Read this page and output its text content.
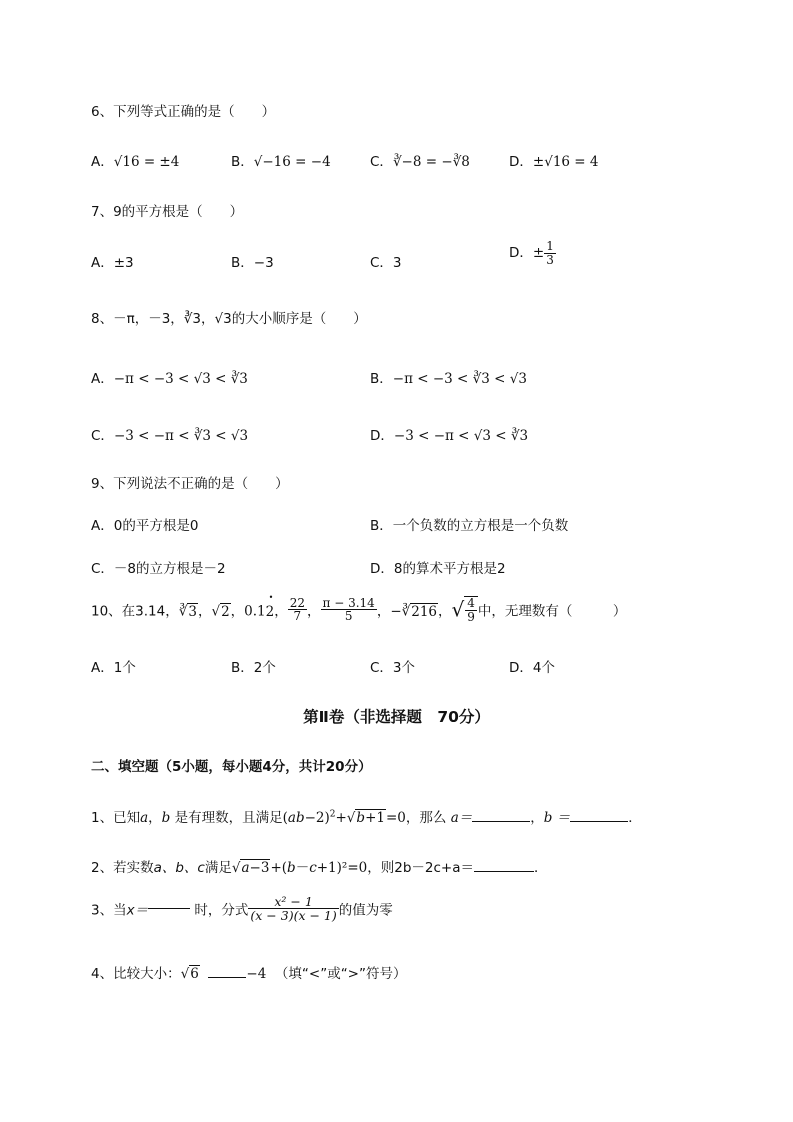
6、下列等式正确的是（　　）
A．√16 = ±4	B．√−16 = −4	C．∛−8 = −∛8	D．±√16 = 4
7、9的平方根是（　　）
A．±3	B．−3	C．3
D．± $\frac{1}{3}$
8、－π，－3，∛3，√3的大小顺序是（　　）
A．−π < −3 < √3 < ∛3	B．−π < −3 < ∛3 < √3
C．−3 < −π < ∛3 < √3	D．−3 < −π < √3 < ∛3
9、下列说法不正确的是（　　）
A．0的平方根是0	B．一个负数的立方根是一个负数
C．－8的立方根是－2	D．8的算术平方根是2
10、在3.14，∛3，√2，0.1• 2， $\frac{22}{7}$ ， $\frac{\pi - 3.14}{5}$ ，−∛216，√ $\frac{4}{9}$ 中，无理数有（　　　）
A．1个	B．2个	C．3个	D．4个
第Ⅱ卷（非选择题　70分）
二、填空题（5小题，每小题4分，共计20分）
1、已知a，b 是有理数，且满足$(ab-2)^2+√b+1=0$，那么 a＝	，b ＝	．
2、若实数a、b、c满足√a−3+(b－c+1)²=0，则2b－2c+a＝	．
3、当x＝	时，分式 $\frac{\text{x² − 1}}{(x - 3)(x - 1)}$ 的值为零
4、比较大小：√6	−4 （填“<”或“>”符号）
